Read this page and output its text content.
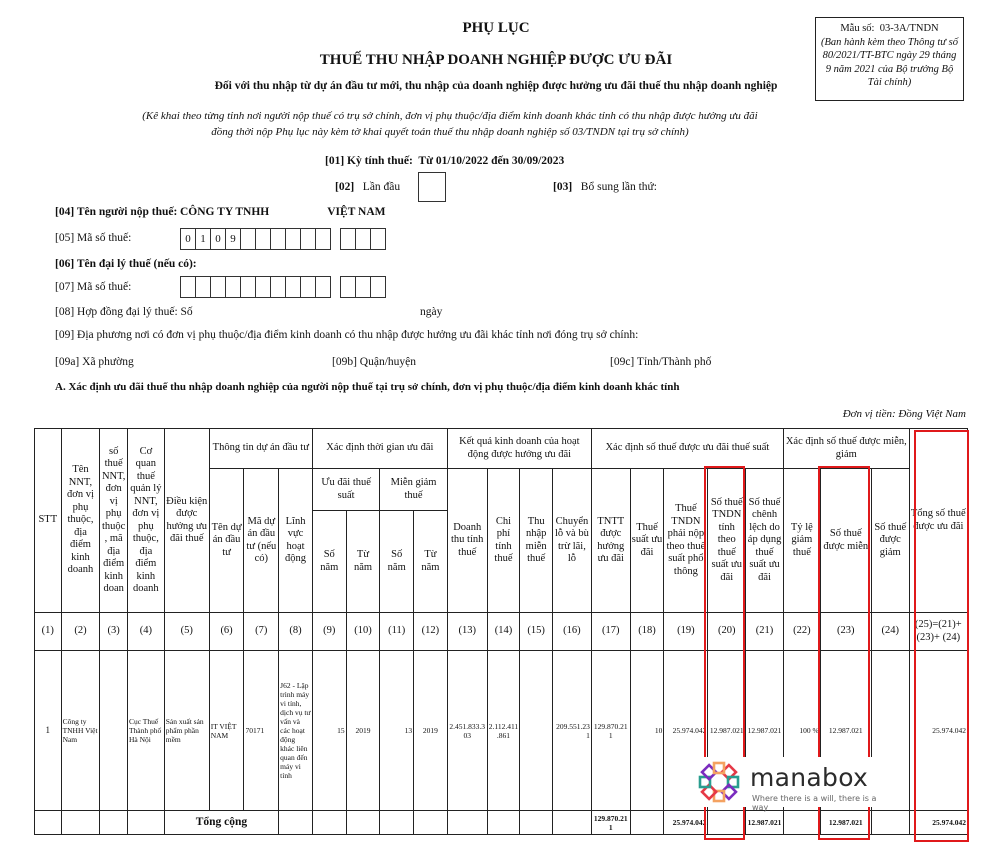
PHỤ LỤC
THUẾ THU NHẬP DOANH NGHIỆP ĐƯỢC ƯU ĐÃI
Đối với thu nhập từ dự án đầu tư mới, thu nhập của doanh nghiệp được hưởng ưu đãi thuế thu nhập doanh nghiệp
(Kê khai theo từng tỉnh nơi người nộp thuế có trụ sở chính, đơn vị phụ thuộc/địa điểm kinh doanh khác tỉnh có thu nhập được hưởng ưu đãi đồng thời nộp Phụ lục này kèm tờ khai quyết toán thuế thu nhập doanh nghiệp số 03/TNDN tại trụ sở chính)
Mẫu số: 03-3A/TNDN
(Ban hành kèm theo Thông tư số 80/2021/TT-BTC ngày 29 tháng 9 năm 2021 của Bộ trưởng Bộ Tài chính)
[01] Kỳ tính thuế: Từ 01/10/2022 đến 30/09/2023
[02] Lần đầu	[03] Bổ sung lần thứ:
[04] Tên người nộp thuế: CÔNG TY TNHH	VIỆT NAM
[05] Mã số thuế:	0 1 0 9
[06] Tên đại lý thuế (nếu có):
[07] Mã số thuế:
[08] Hợp đồng đại lý thuế: Số	ngày
[09] Địa phương nơi có đơn vị phụ thuộc/địa điểm kinh doanh có thu nhập được hưởng ưu đãi khác tỉnh nơi đóng trụ sở chính:
[09a] Xã phường	[09b] Quận/huyện	[09c] Tỉnh/Thành phố
A. Xác định ưu đãi thuế thu nhập doanh nghiệp của người nộp thuế tại trụ sở chính, đơn vị phụ thuộc/địa điểm kinh doanh khác tỉnh
Đơn vị tiền: Đồng Việt Nam
STT	Tên NNT, đơn vị phụ thuộc, địa điểm kinh doanh	số thuế NNT, đơn vị phụ thuộc, mã địa điểm kinh doan	Cơ quan thuế quản lý NNT, đơn vị phụ thuộc, địa điểm kinh doanh	Điều kiện được hưởng ưu đãi thuế	Thông tin dự án đầu tư			Xác định thời gian ưu đãi				Kết quả kinh doanh của hoạt động được hưởng ưu đãi				Xác định số thuế được ưu đãi thuế suất					Xác định số thuế được miễn, giảm			Tổng số thuế được ưu đãi
					Tên dự án đầu tư	Mã dự án đầu tư (nếu có)	Lĩnh vực hoạt động	Ưu đãi thuế suất		Miễn giảm thuế		Doanh thu tính thuế	Chi phí tính thuế	Thu nhập miễn thuế	Chuyển lỗ và bù trừ lãi, lỗ	TNTT được hưởng ưu đãi	Thuế suất ưu đãi	Thuế TNDN phải nộp theo thuế suất phổ thông	Số thuế TNDN tính theo thuế suất ưu đãi	Số thuế chênh lệch do áp dụng thuế suất ưu đãi	Tỷ lệ giảm thuế	Số thuế được miễn	Số thuế được giảm	

								Số năm	Từ năm	Số năm	Từ năm													
(1)	(2)	(3)	(4)	(5)	(6)	(7)	(8)	(9)	(10)	(11)	(12)	(13)	(14)	(15)	(16)	(17)	(18)	(19)	(20)	(21)	(22)	(23)	(24)	(25)=(21)+ (23)+ (24)
1	Công ty TNHH Việt Nam		Cục Thuế Thành phố Hà Nội	Sản xuất sản phẩm phần mềm	IT VIỆT NAM	70171	J62 - Lập trình máy vi tính, dịch vụ tư vấn và các hoạt động khác liên quan đến máy vi tính	15	2019	13	2019	2.451.833.303	2.112.411.861		209.551.231	129.870.211	10	25.974.042	12.987.021	12.987.021	100 %	12.987.021		25.974.042
				Tổng cộng												129.870.211		25.974.042		12.987.021		12.987.021		25.974.042
manabox
Where there is a will, there is a way
